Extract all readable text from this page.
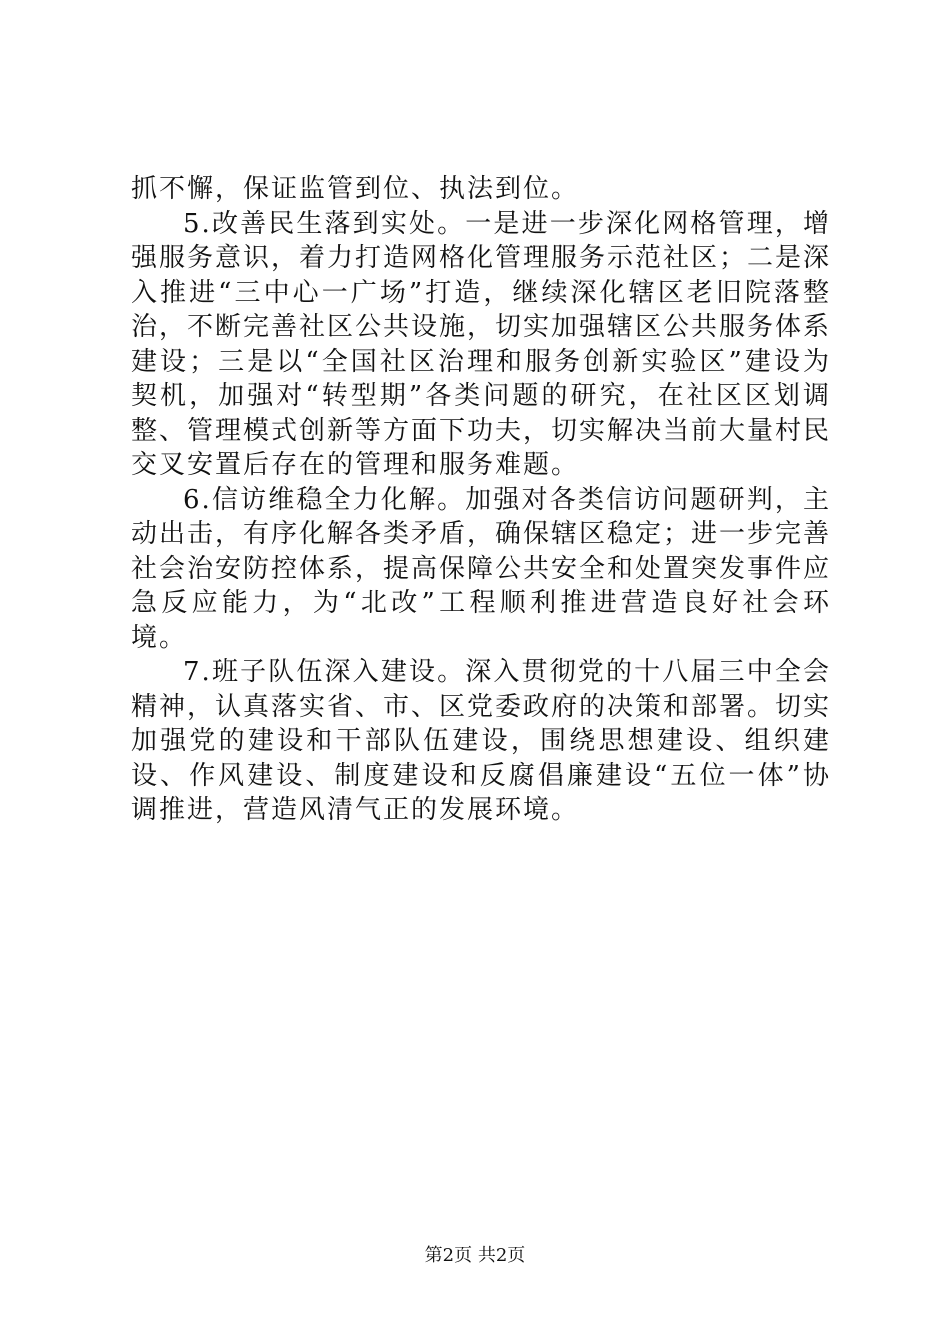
抓不懈，保证监管到位、执法到位。

5.改善民生落到实处。一是进一步深化网格管理，增强服务意识，着力打造网格化管理服务示范社区；二是深入推进“三中心一广场”打造，继续深化辖区老旧院落整治，不断完善社区公共设施，切实加强辖区公共服务体系建设；三是以“全国社区治理和服务创新实验区”建设为契机，加强对“转型期”各类问题的研究，在社区区划调整、管理模式创新等方面下功夫，切实解决当前大量村民交叉安置后存在的管理和服务难题。

6.信访维稳全力化解。加强对各类信访问题研判，主动出击，有序化解各类矛盾，确保辖区稳定；进一步完善社会治安防控体系，提高保障公共安全和处置突发事件应急反应能力，为“北改”工程顺利推进营造良好社会环境。

7.班子队伍深入建设。深入贯彻党的十八届三中全会精神，认真落实省、市、区党委政府的决策和部署。切实加强党的建设和干部队伍建设，围绕思想建设、组织建设、作风建设、制度建设和反腐倡廉建设“五位一体”协调推进，营造风清气正的发展环境。

第2页 共2页
